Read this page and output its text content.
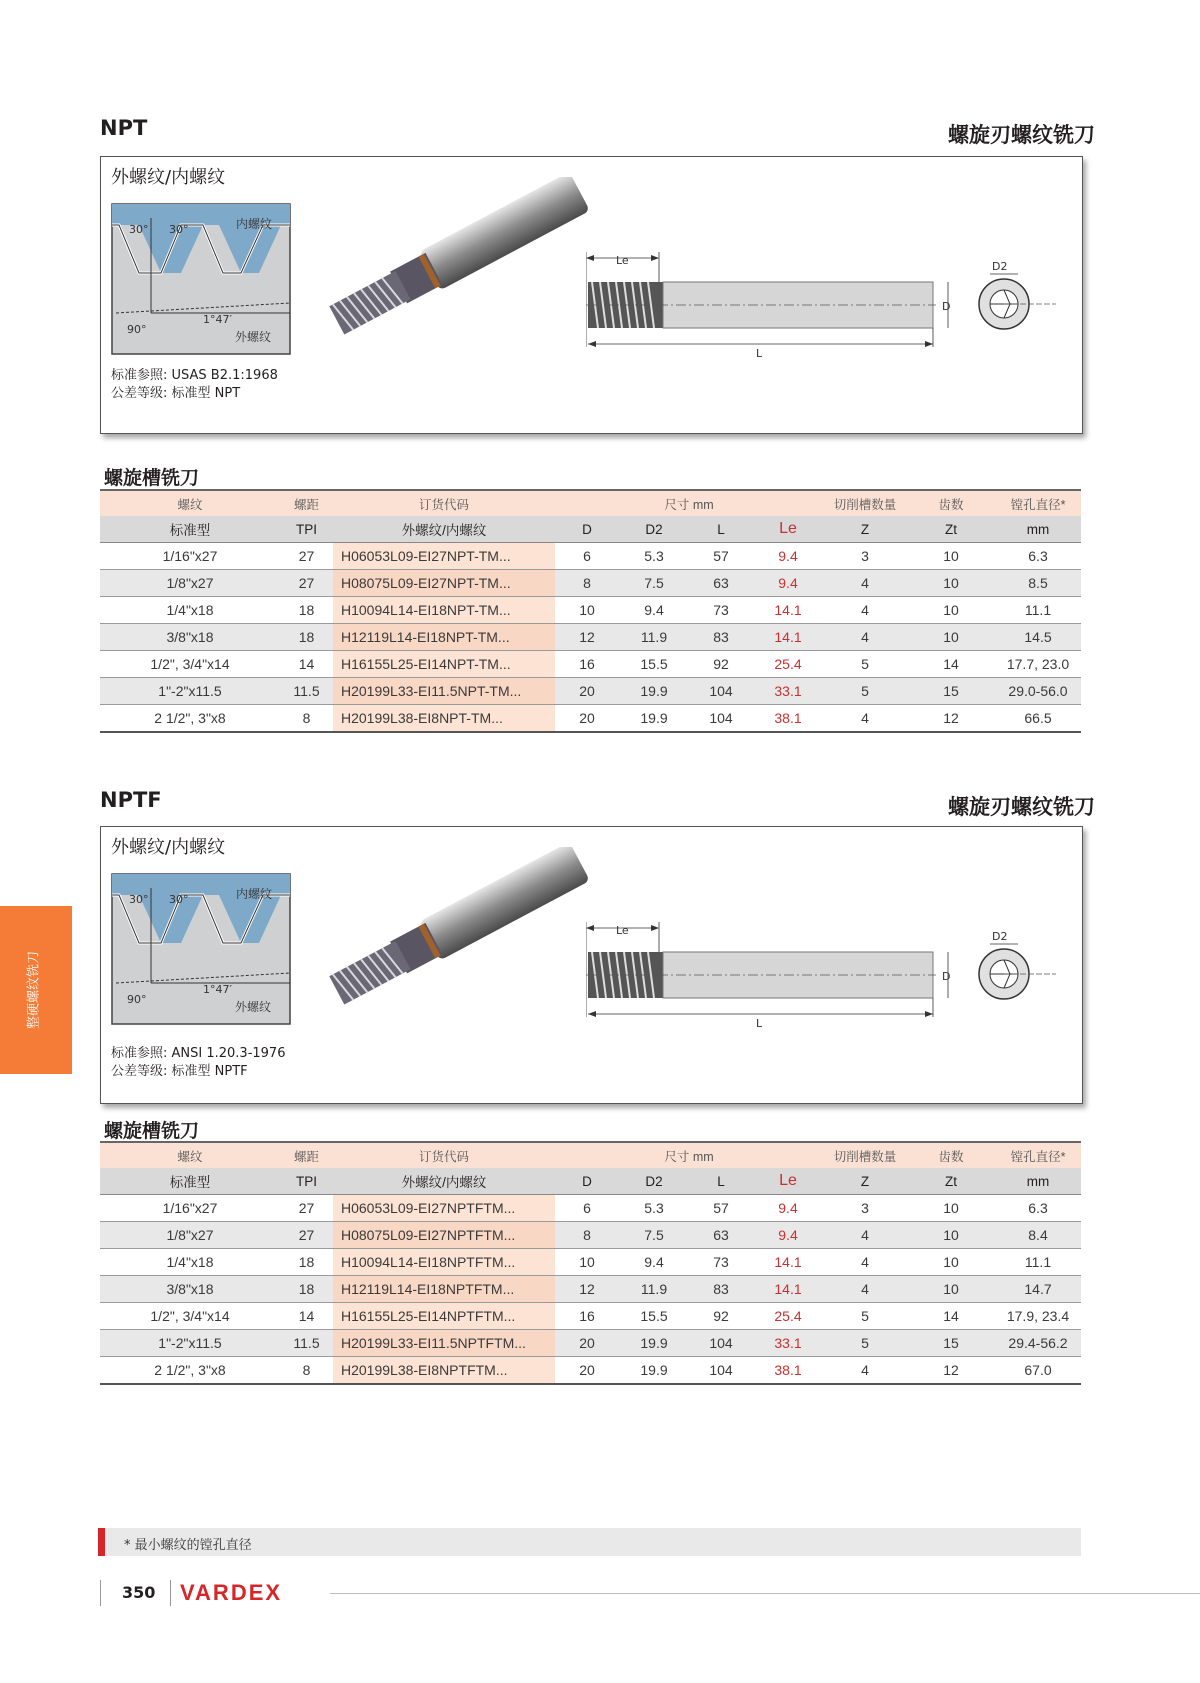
NPT	螺旋刃螺纹铣刀
外螺纹/内螺纹
30° 30°	内螺纹
90°
1°47′
外螺纹
标准参照: USAS B2.1:1968
公差等级: 标准型 NPT
Le
D
L
D2
螺旋槽铣刀
螺纹	螺距	订货代码	尺寸 mm				切削槽数量	齿数	镗孔直径*
标准型	TPI	外螺纹/内螺纹	D	D2	L	Le	Z	Zt	mm
1/16"x27	27	H06053L09-EI27NPT-TM...	6	5.3	57	9.4	3	10	6.3
1/8"x27	27	H08075L09-EI27NPT-TM...	8	7.5	63	9.4	4	10	8.5
1/4"x18	18	H10094L14-EI18NPT-TM...	10	9.4	73	14.1	4	10	11.1
3/8"x18	18	H12119L14-EI18NPT-TM...	12	11.9	83	14.1	4	10	14.5
1/2", 3/4"x14	14	H16155L25-EI14NPT-TM...	16	15.5	92	25.4	5	14	17.7, 23.0
1"-2"x11.5	11.5	H20199L33-EI11.5NPT-TM...	20	19.9	104	33.1	5	15	29.0-56.0
2 1/2", 3"x8	8	H20199L38-EI8NPT-TM...	20	19.9	104	38.1	4	12	66.5
NPTF	螺旋刃螺纹铣刀
外螺纹/内螺纹
30° 30°	内螺纹
90°
1°47′
外螺纹
标准参照: ANSI 1.20.3-1976
公差等级: 标准型 NPTF
Le
D
L
D2
螺旋槽铣刀
螺纹	螺距	订货代码	尺寸 mm				切削槽数量	齿数	镗孔直径*
标准型	TPI	外螺纹/内螺纹	D	D2	L	Le	Z	Zt	mm
1/16"x27	27	H06053L09-EI27NPTFTM...	6	5.3	57	9.4	3	10	6.3
1/8"x27	27	H08075L09-EI27NPTFTM...	8	7.5	63	9.4	4	10	8.4
1/4"x18	18	H10094L14-EI18NPTFTM...	10	9.4	73	14.1	4	10	11.1
3/8"x18	18	H12119L14-EI18NPTFTM...	12	11.9	83	14.1	4	10	14.7
1/2", 3/4"x14	14	H16155L25-EI14NPTFTM...	16	15.5	92	25.4	5	14	17.9, 23.4
1"-2"x11.5	11.5	H20199L33-EI11.5NPTFTM...	20	19.9	104	33.1	5	15	29.4-56.2
2 1/2", 3"x8	8	H20199L38-EI8NPTFTM...	20	19.9	104	38.1	4	12	67.0
整硬螺纹铣刀
* 最小螺纹的镗孔直径
350 VARDEX
